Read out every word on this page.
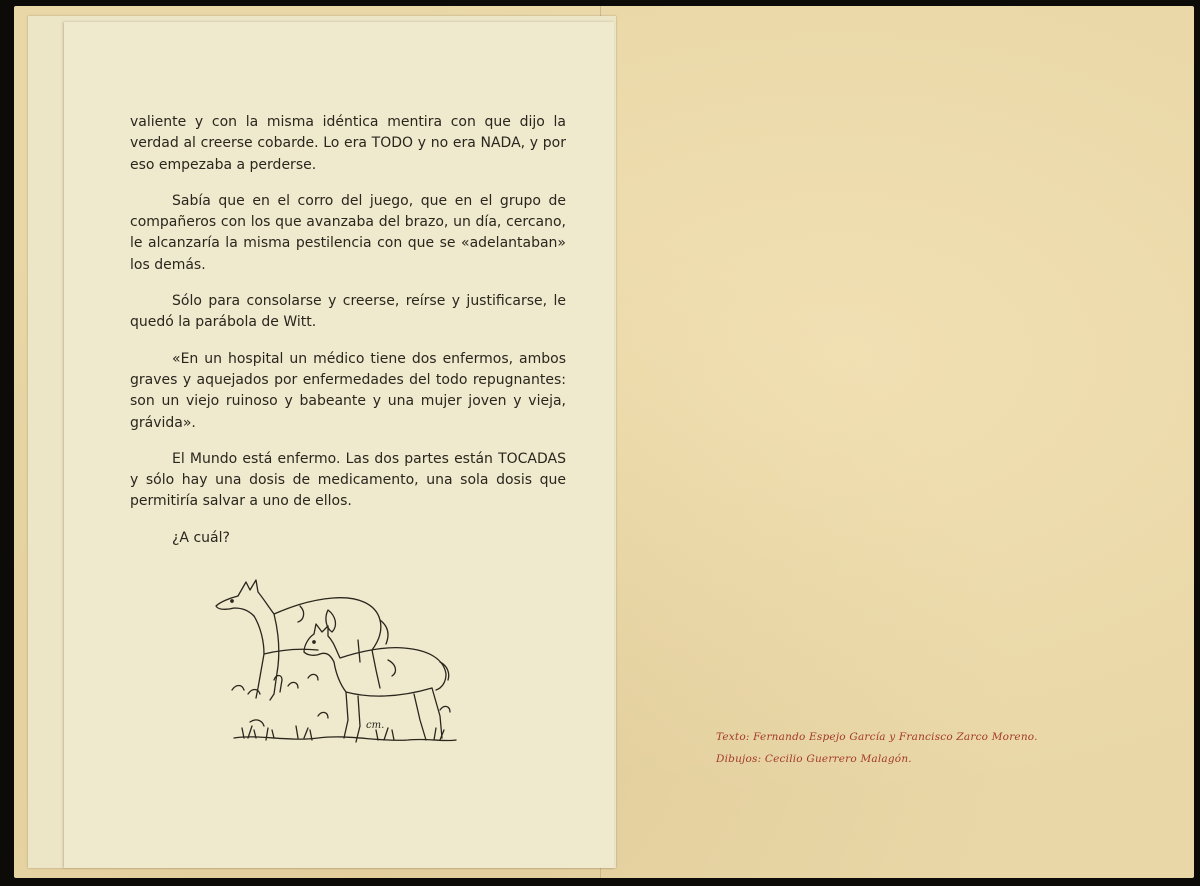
valiente y con la misma idéntica mentira con que dijo la verdad al creerse cobarde. Lo era TODO y no era NADA, y por eso empezaba a perderse.

Sabía que en el corro del juego, que en el grupo de compañeros con los que avanzaba del brazo, un día, cercano, le alcanzaría la misma pestilencia con que se «adelantaban» los demás.

Sólo para consolarse y creerse, reírse y justificarse, le quedó la parábola de Witt.

«En un hospital un médico tiene dos enfermos, ambos graves y aquejados por enfermedades del todo repugnantes: son un viejo ruinoso y babeante y una mujer joven y vieja, grávida».

El Mundo está enfermo. Las dos partes están TOCADAS y sólo hay una dosis de medicamento, una sola dosis que permitiría salvar a uno de ellos.

¿A cuál?

cm.
Texto: Fernando Espejo García y Francisco Zarco Moreno.
Dibujos: Cecilio Guerrero Malagón.
